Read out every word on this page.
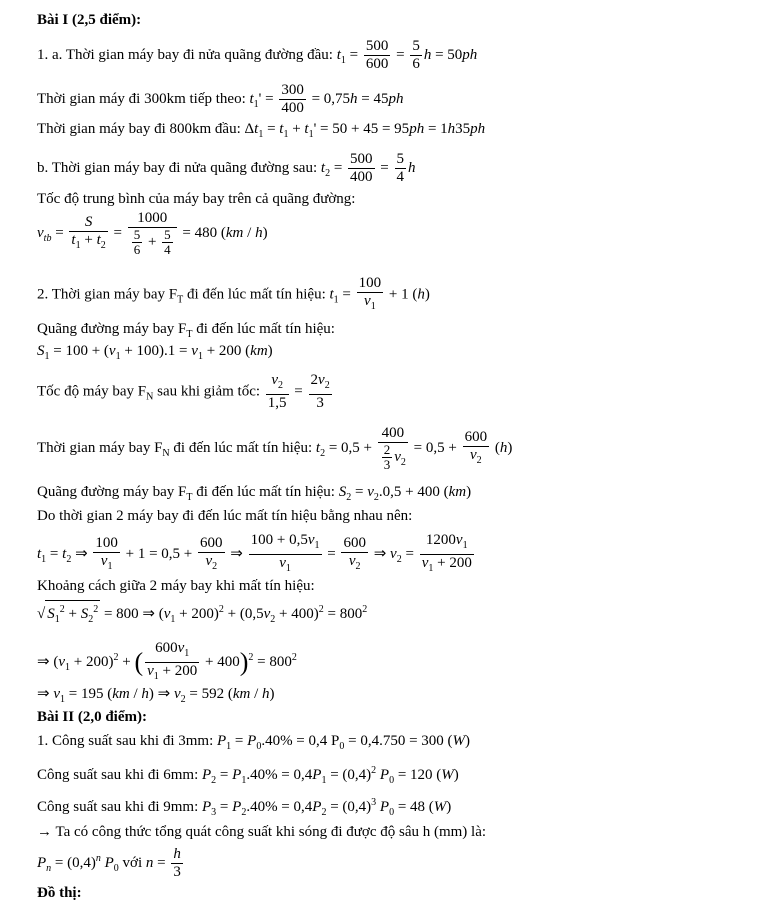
Bài I (2,5 điểm):
1. a. Thời gian máy bay đi nửa quãng đường đầu: $t_1 = \frac{500}{600} = \frac{5}{6}$ h = 50ph
Thời gian máy đi 300km tiếp theo: $t_1' = \frac{300}{400} = 0,75h = 45ph$
Thời gian máy bay đi 800km đầu: $\Delta t_1 = t_1 + t_1' = 50 + 45 = 95ph = 1h35ph$
b. Thời gian máy bay đi nửa quãng đường sau: $t_2 = \frac{500}{400} = \frac{5}{4}$ h
Tốc độ trung bình của máy bay trên cả quãng đường:
$v_{tb} = \frac{S}{t_1 + t_2} = \frac{1000}{\frac{5}{6} + \frac{5}{4}} = 480$ (km / h)
2. Thời gian máy bay $F_T$ đi đến lúc mất tín hiệu: $t_1 = \frac{100}{v_1} + 1$ (h)
Quãng đường máy bay $F_T$ đi đến lúc mất tín hiệu:
$S_1 = 100 + (v_1 + 100).1 = v_1 + 200$ (km)
Tốc độ máy bay $F_N$ sau khi giảm tốc: $\frac{v_2}{1,5} = \frac{2v_2}{3}$
Thời gian máy bay $F_N$ đi đến lúc mất tín hiệu: $t_2 = 0,5 + \frac{400}{\frac{2}{3} v_2} = 0,5 + \frac{600}{v_2} (h)$
Quãng đường máy bay $F_T$ đi đến lúc mất tín hiệu: $S_2 = v_2.0,5 + 400$ (km)
Do thời gian 2 máy bay đi đến lúc mất tín hiệu bằng nhau nên:
$t_1 = t_2$ ⇒ $\frac{100}{v_1} + 1 = 0,5 + \frac{600}{v_2}$ ⇒ $\frac{100 + 0,5v_1}{v_1} = \frac{600}{v_2}$ ⇒ $v_2 = \frac{1200v_1}{v_1 + 200}$
Khoảng cách giữa 2 máy bay khi mất tín hiệu:
√ $S_1^2 + S_2^2 = 800$ ⇒ $(v_1 + 200)^2 + (0,5v_2 + 400)^2 = 800^2$
⇒ $(v_1 + 200)^2$ + ( $\frac{600v_1}{v_1 + 200} + 400)^2 = 800^2$
⇒ $v_1 = 195$ (km / h) ⇒ $v_2 = 592$ (km / h)
Bài II (2,0 điểm):
1. Công suất sau khi đi 3mm: $P_1 = P_0.40\% = 0,4$ $P_0 = 0,4.750 = 300$ (W)
Công suất sau khi đi 6mm: $P_2 = P_1.40\% = 0,4P_1 = (0,4)^2$ $P_0 = 120$ (W)
Công suất sau khi đi 9mm: $P_3 = P_2.40\% = 0,4P_2 = (0,4)^3$ $P_0 = 48$ (W)
→ Ta có công thức tổng quát công suất khi sóng đi được độ sâu h (mm) là:
$P_n = (0,4)^n$ $P_0$ với $n = \frac{h}{3}$
Đồ thị:
